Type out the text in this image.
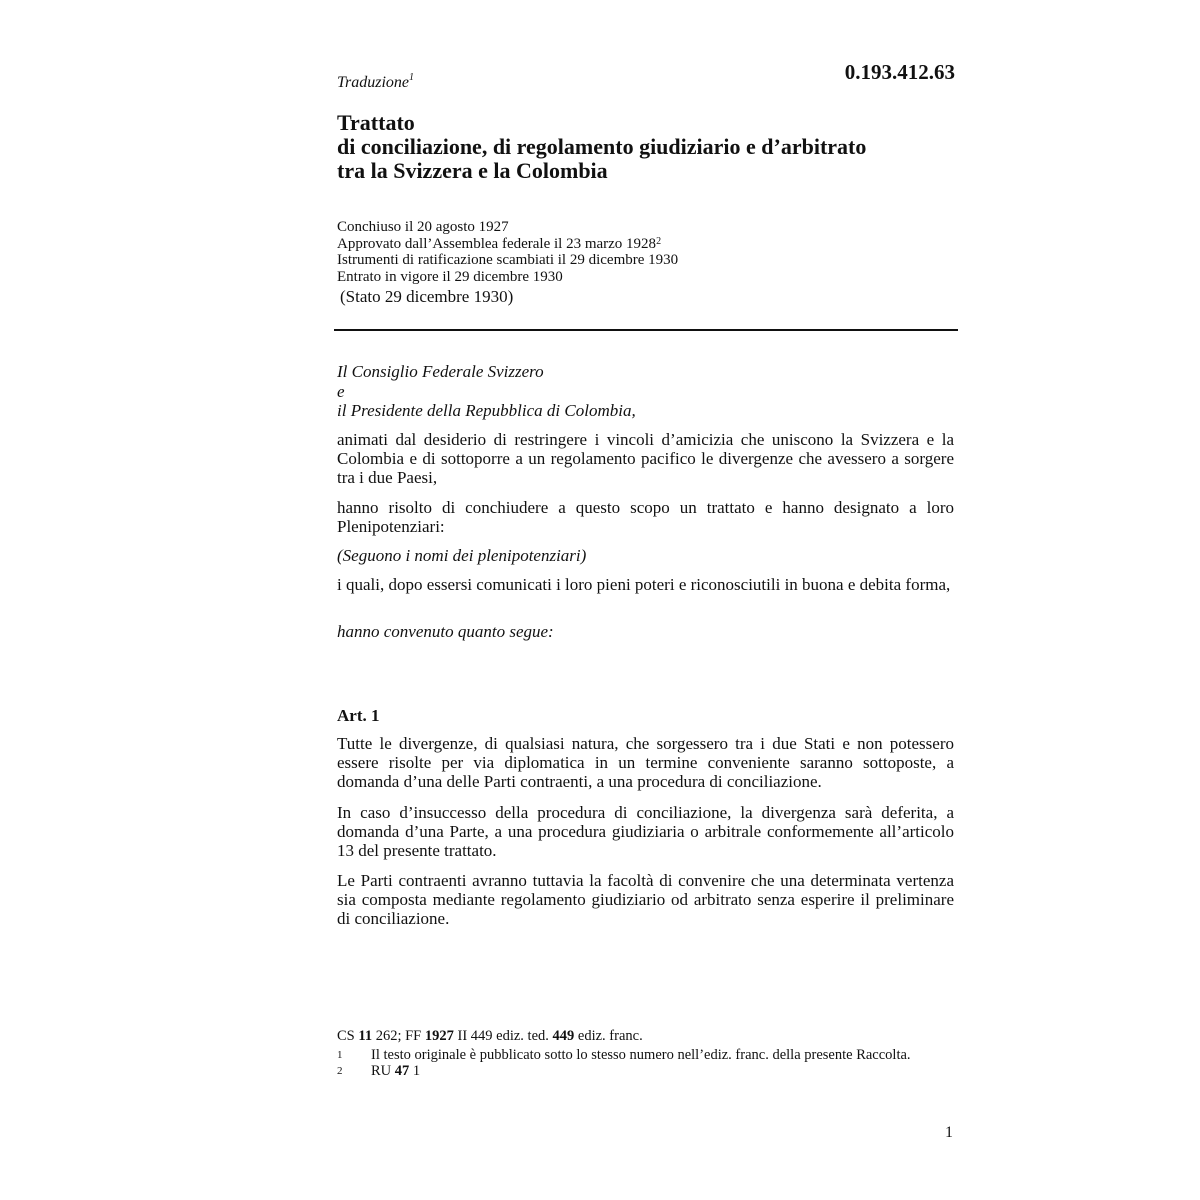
0.193.412.63
Traduzione$^1$
Trattato
di conciliazione, di regolamento giudiziario e d’arbitrato
tra la Svizzera e la Colombia
Conchiuso il 20 agosto 1927
Approvato dall’Assemblea federale il 23 marzo 1928$^2$
Istrumenti di ratificazione scambiati il 29 dicembre 1930
Entrato in vigore il 29 dicembre 1930
(Stato 29 dicembre 1930)
Il Consiglio Federale Svizzero
e
il Presidente della Repubblica di Colombia,

animati dal desiderio di restringere i vincoli d’amicizia che uniscono la Svizzera e la Colombia e di sottoporre a un regolamento pacifico le divergenze che avessero a sorgere tra i due Paesi,

hanno risolto di conchiudere a questo scopo un trattato e hanno designato a loro Plenipotenziari:

(Seguono i nomi dei plenipotenziari)

i quali, dopo essersi comunicati i loro pieni poteri e riconosciutili in buona e debita forma,

hanno convenuto quanto segue:

Art. 1

Tutte le divergenze, di qualsiasi natura, che sorgessero tra i due Stati e non potessero essere risolte per via diplomatica in un termine conveniente saranno sottoposte, a domanda d’una delle Parti contraenti, a una procedura di conciliazione.

In caso d’insuccesso della procedura di conciliazione, la divergenza sarà deferita, a domanda d’una Parte, a una procedura giudiziaria o arbitrale conformemente all’articolo 13 del presente trattato.

Le Parti contraenti avranno tuttavia la facoltà di convenire che una determinata vertenza sia composta mediante regolamento giudiziario od arbitrato senza esperire il preliminare di conciliazione.

CS 11 262; FF 1927 II 449 ediz. ted. 449 ediz. franc.
1	Il testo originale è pubblicato sotto lo stesso numero nell’ediz. franc. della presente Raccolta.
2	RU 47 1
1
